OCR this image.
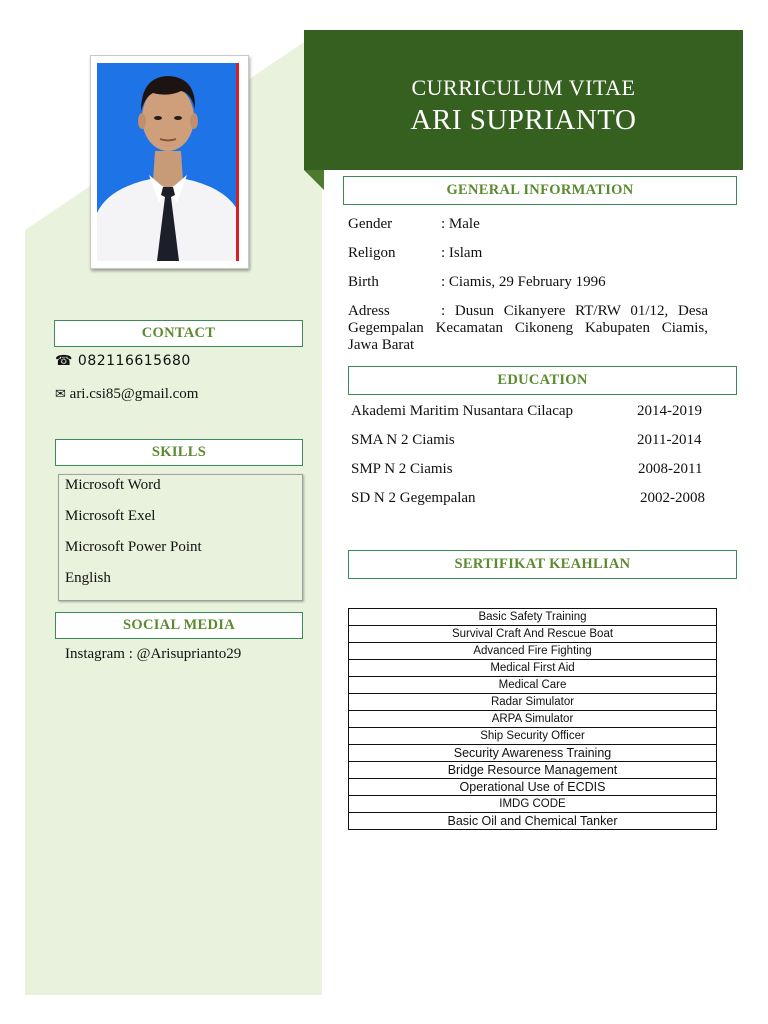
CURRICULUM VITAE
ARI SUPRIANTO
GENERAL INFORMATION
Gender	: Male
Religon	: Islam
Birth	: Ciamis, 29 February 1996
Adress	: Dusun Cikanyere RT/RW 01/12, Desa Gegempalan Kecamatan Cikoneng Kabupaten Ciamis, Jawa Barat
EDUCATION
Akademi Maritim Nusantara Cilacap	2014-2019
SMA N 2 Ciamis	2011-2014
SMP N 2 Ciamis	2008-2011
SD N 2 Gegempalan	2002-2008
SERTIFIKAT KEAHLIAN
Basic Safety Training
Survival Craft And Rescue Boat
Advanced Fire Fighting
Medical First Aid
Medical Care
Radar Simulator
ARPA Simulator
Ship Security Officer
Security Awareness Training
Bridge Resource Management
Operational Use of ECDIS
IMDG CODE
Basic Oil and Chemical Tanker
CONTACT
☎ 082116615680
✉ ari.csi85@gmail.com
SKILLS
Microsoft Word
Microsoft Exel
Microsoft Power Point
English
SOCIAL MEDIA
Instagram : @Arisuprianto29
